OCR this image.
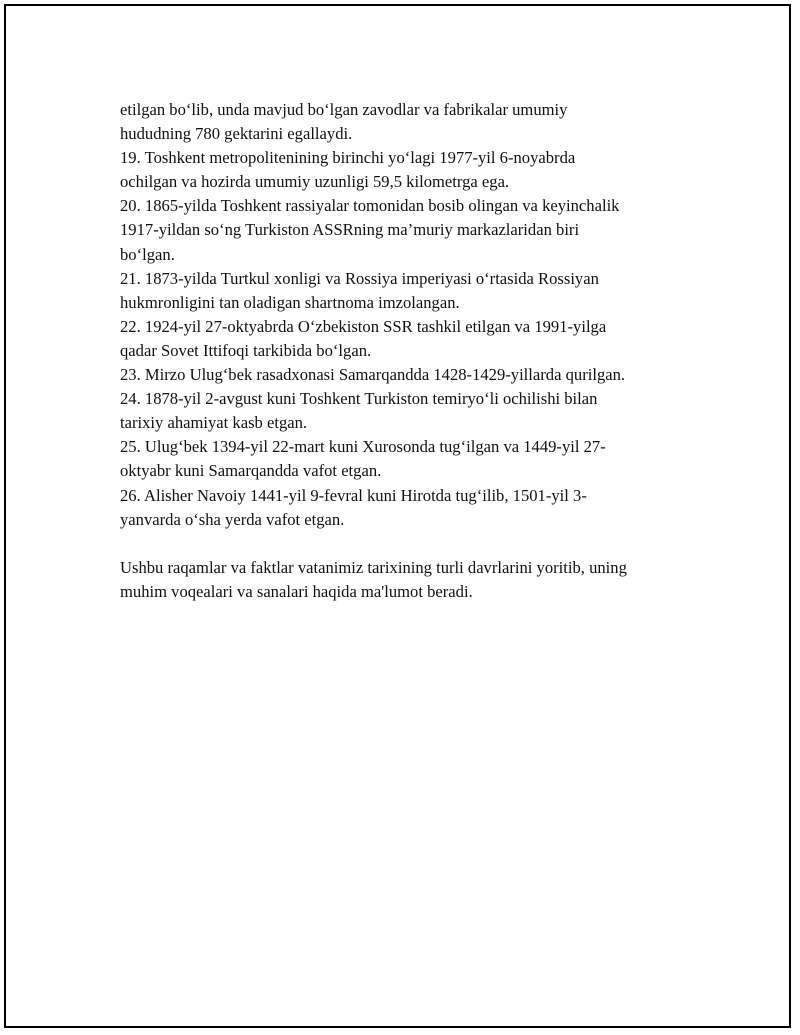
etilgan bo‘lib, unda mavjud bo‘lgan zavodlar va fabrikalar umumiy

hududning 780 gektarini egallaydi.

19. Toshkent metropolitenining birinchi yo‘lagi 1977-yil 6-noyabrda

ochilgan va hozirda umumiy uzunligi 59,5 kilometrga ega.

20. 1865-yilda Toshkent rassiyalar tomonidan bosib olingan va keyinchalik

1917-yildan so‘ng Turkiston ASSRning ma’muriy markazlaridan biri

bo‘lgan.

21. 1873-yilda Turtkul xonligi va Rossiya imperiyasi o‘rtasida Rossiyan

hukmronligini tan oladigan shartnoma imzolangan.

22. 1924-yil 27-oktyabrda O‘zbekiston SSR tashkil etilgan va 1991-yilga

qadar Sovet Ittifoqi tarkibida bo‘lgan.

23. Mirzo Ulug‘bek rasadxonasi Samarqandda 1428-1429-yillarda qurilgan.

24. 1878-yil 2-avgust kuni Toshkent Turkiston temiryo‘li ochilishi bilan

tarixiy ahamiyat kasb etgan.

25. Ulug‘bek 1394-yil 22-mart kuni Xurosonda tug‘ilgan va 1449-yil 27-

oktyabr kuni Samarqandda vafot etgan.

26. Alisher Navoiy 1441-yil 9-fevral kuni Hirotda tug‘ilib, 1501-yil 3-

yanvarda o‘sha yerda vafot etgan.

Ushbu raqamlar va faktlar vatanimiz tarixining turli davrlarini yoritib, uning

muhim voqealari va sanalari haqida ma'lumot beradi.
